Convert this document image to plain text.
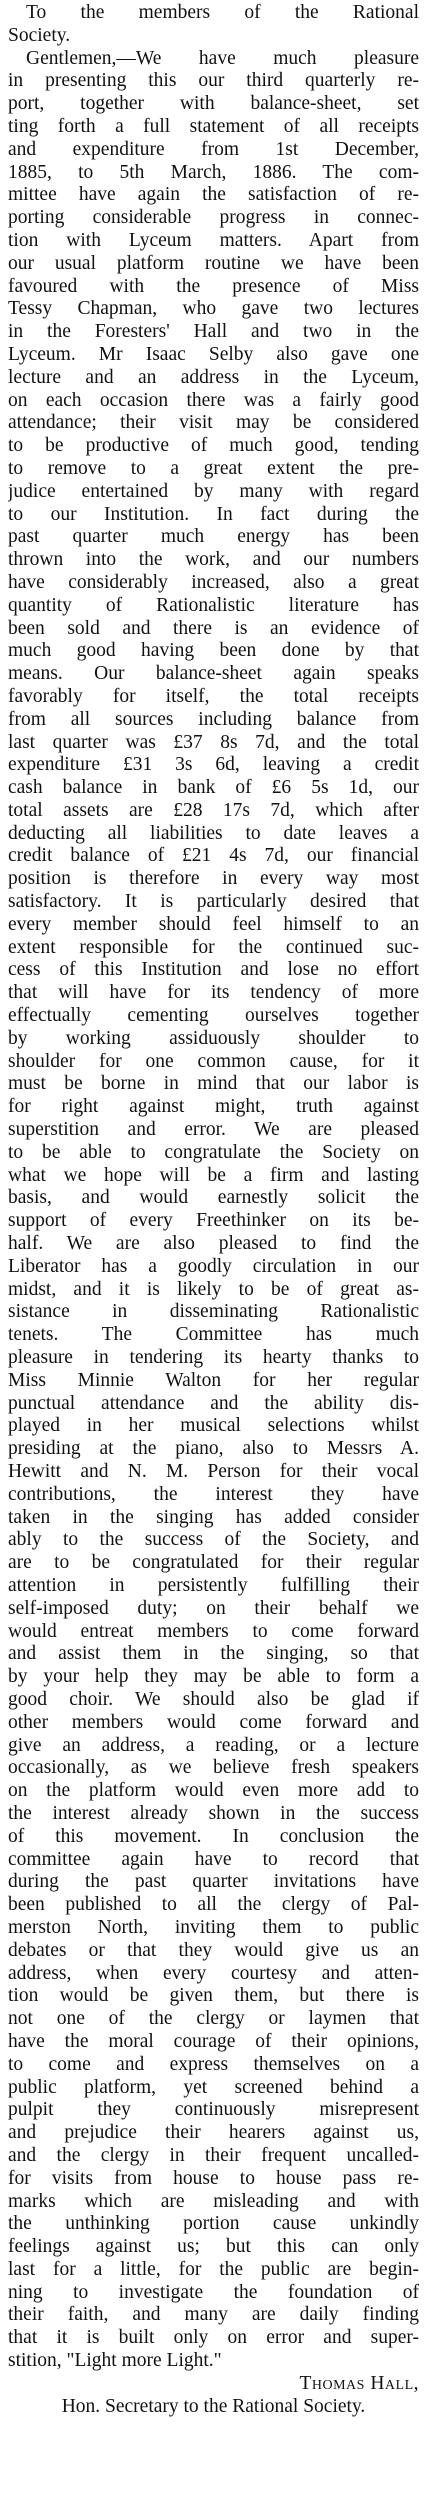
To the members of the Rational
Society.
Gentlemen,—We have much pleasure
in presenting this our third quarterly re-
port, together with balance-sheet, set
ting forth a full statement of all receipts
and expenditure from 1st December,
1885, to 5th March, 1886. The com-
mittee have again the satisfaction of re-
porting considerable progress in connec-
tion with Lyceum matters. Apart from
our usual platform routine we have been
favoured with the presence of Miss
Tessy Chapman, who gave two lectures
in the Foresters' Hall and two in the
Lyceum. Mr Isaac Selby also gave one
lecture and an address in the Lyceum,
on each occasion there was a fairly good
attendance; their visit may be considered
to be productive of much good, tending
to remove to a great extent the pre-
judice entertained by many with regard
to our Institution. In fact during the
past quarter much energy has been
thrown into the work, and our numbers
have considerably increased, also a great
quantity of Rationalistic literature has
been sold and there is an evidence of
much good having been done by that
means. Our balance-sheet again speaks
favorably for itself, the total receipts
from all sources including balance from
last quarter was £37 8s 7d, and the total
expenditure £31 3s 6d, leaving a credit
cash balance in bank of £6 5s 1d, our
total assets are £28 17s 7d, which after
deducting all liabilities to date leaves a
credit balance of £21 4s 7d, our financial
position is therefore in every way most
satisfactory. It is particularly desired that
every member should feel himself to an
extent responsible for the continued suc-
cess of this Institution and lose no effort
that will have for its tendency of more
effectually cementing ourselves together
by working assiduously shoulder to
shoulder for one common cause, for it
must be borne in mind that our labor is
for right against might, truth against
superstition and error. We are pleased
to be able to congratulate the Society on
what we hope will be a firm and lasting
basis, and would earnestly solicit the
support of every Freethinker on its be-
half. We are also pleased to find the
Liberator has a goodly circulation in our
midst, and it is likely to be of great as-
sistance in disseminating Rationalistic
tenets. The Committee has much
pleasure in tendering its hearty thanks to
Miss Minnie Walton for her regular
punctual attendance and the ability dis-
played in her musical selections whilst
presiding at the piano, also to Messrs A.
Hewitt and N. M. Person for their vocal
contributions, the interest they have
taken in the singing has added consider
ably to the success of the Society, and
are to be congratulated for their regular
attention in persistently fulfilling their
self-imposed duty; on their behalf we
would entreat members to come forward
and assist them in the singing, so that
by your help they may be able to form a
good choir. We should also be glad if
other members would come forward and
give an address, a reading, or a lecture
occasionally, as we believe fresh speakers
on the platform would even more add to
the interest already shown in the success
of this movement. In conclusion the
committee again have to record that
during the past quarter invitations have
been published to all the clergy of Pal-
merston North, inviting them to public
debates or that they would give us an
address, when every courtesy and atten-
tion would be given them, but there is
not one of the clergy or laymen that
have the moral courage of their opinions,
to come and express themselves on a
public platform, yet screened behind a
pulpit they continuously misrepresent
and prejudice their hearers against us,
and the clergy in their frequent uncalled-
for visits from house to house pass re-
marks which are misleading and with
the unthinking portion cause unkindly
feelings against us; but this can only
last for a little, for the public are begin-
ning to investigate the foundation of
their faith, and many are daily finding
that it is built only on error and super-
stition, "Light more Light."
Thomas Hall,
Hon. Secretary to the Rational Society.
